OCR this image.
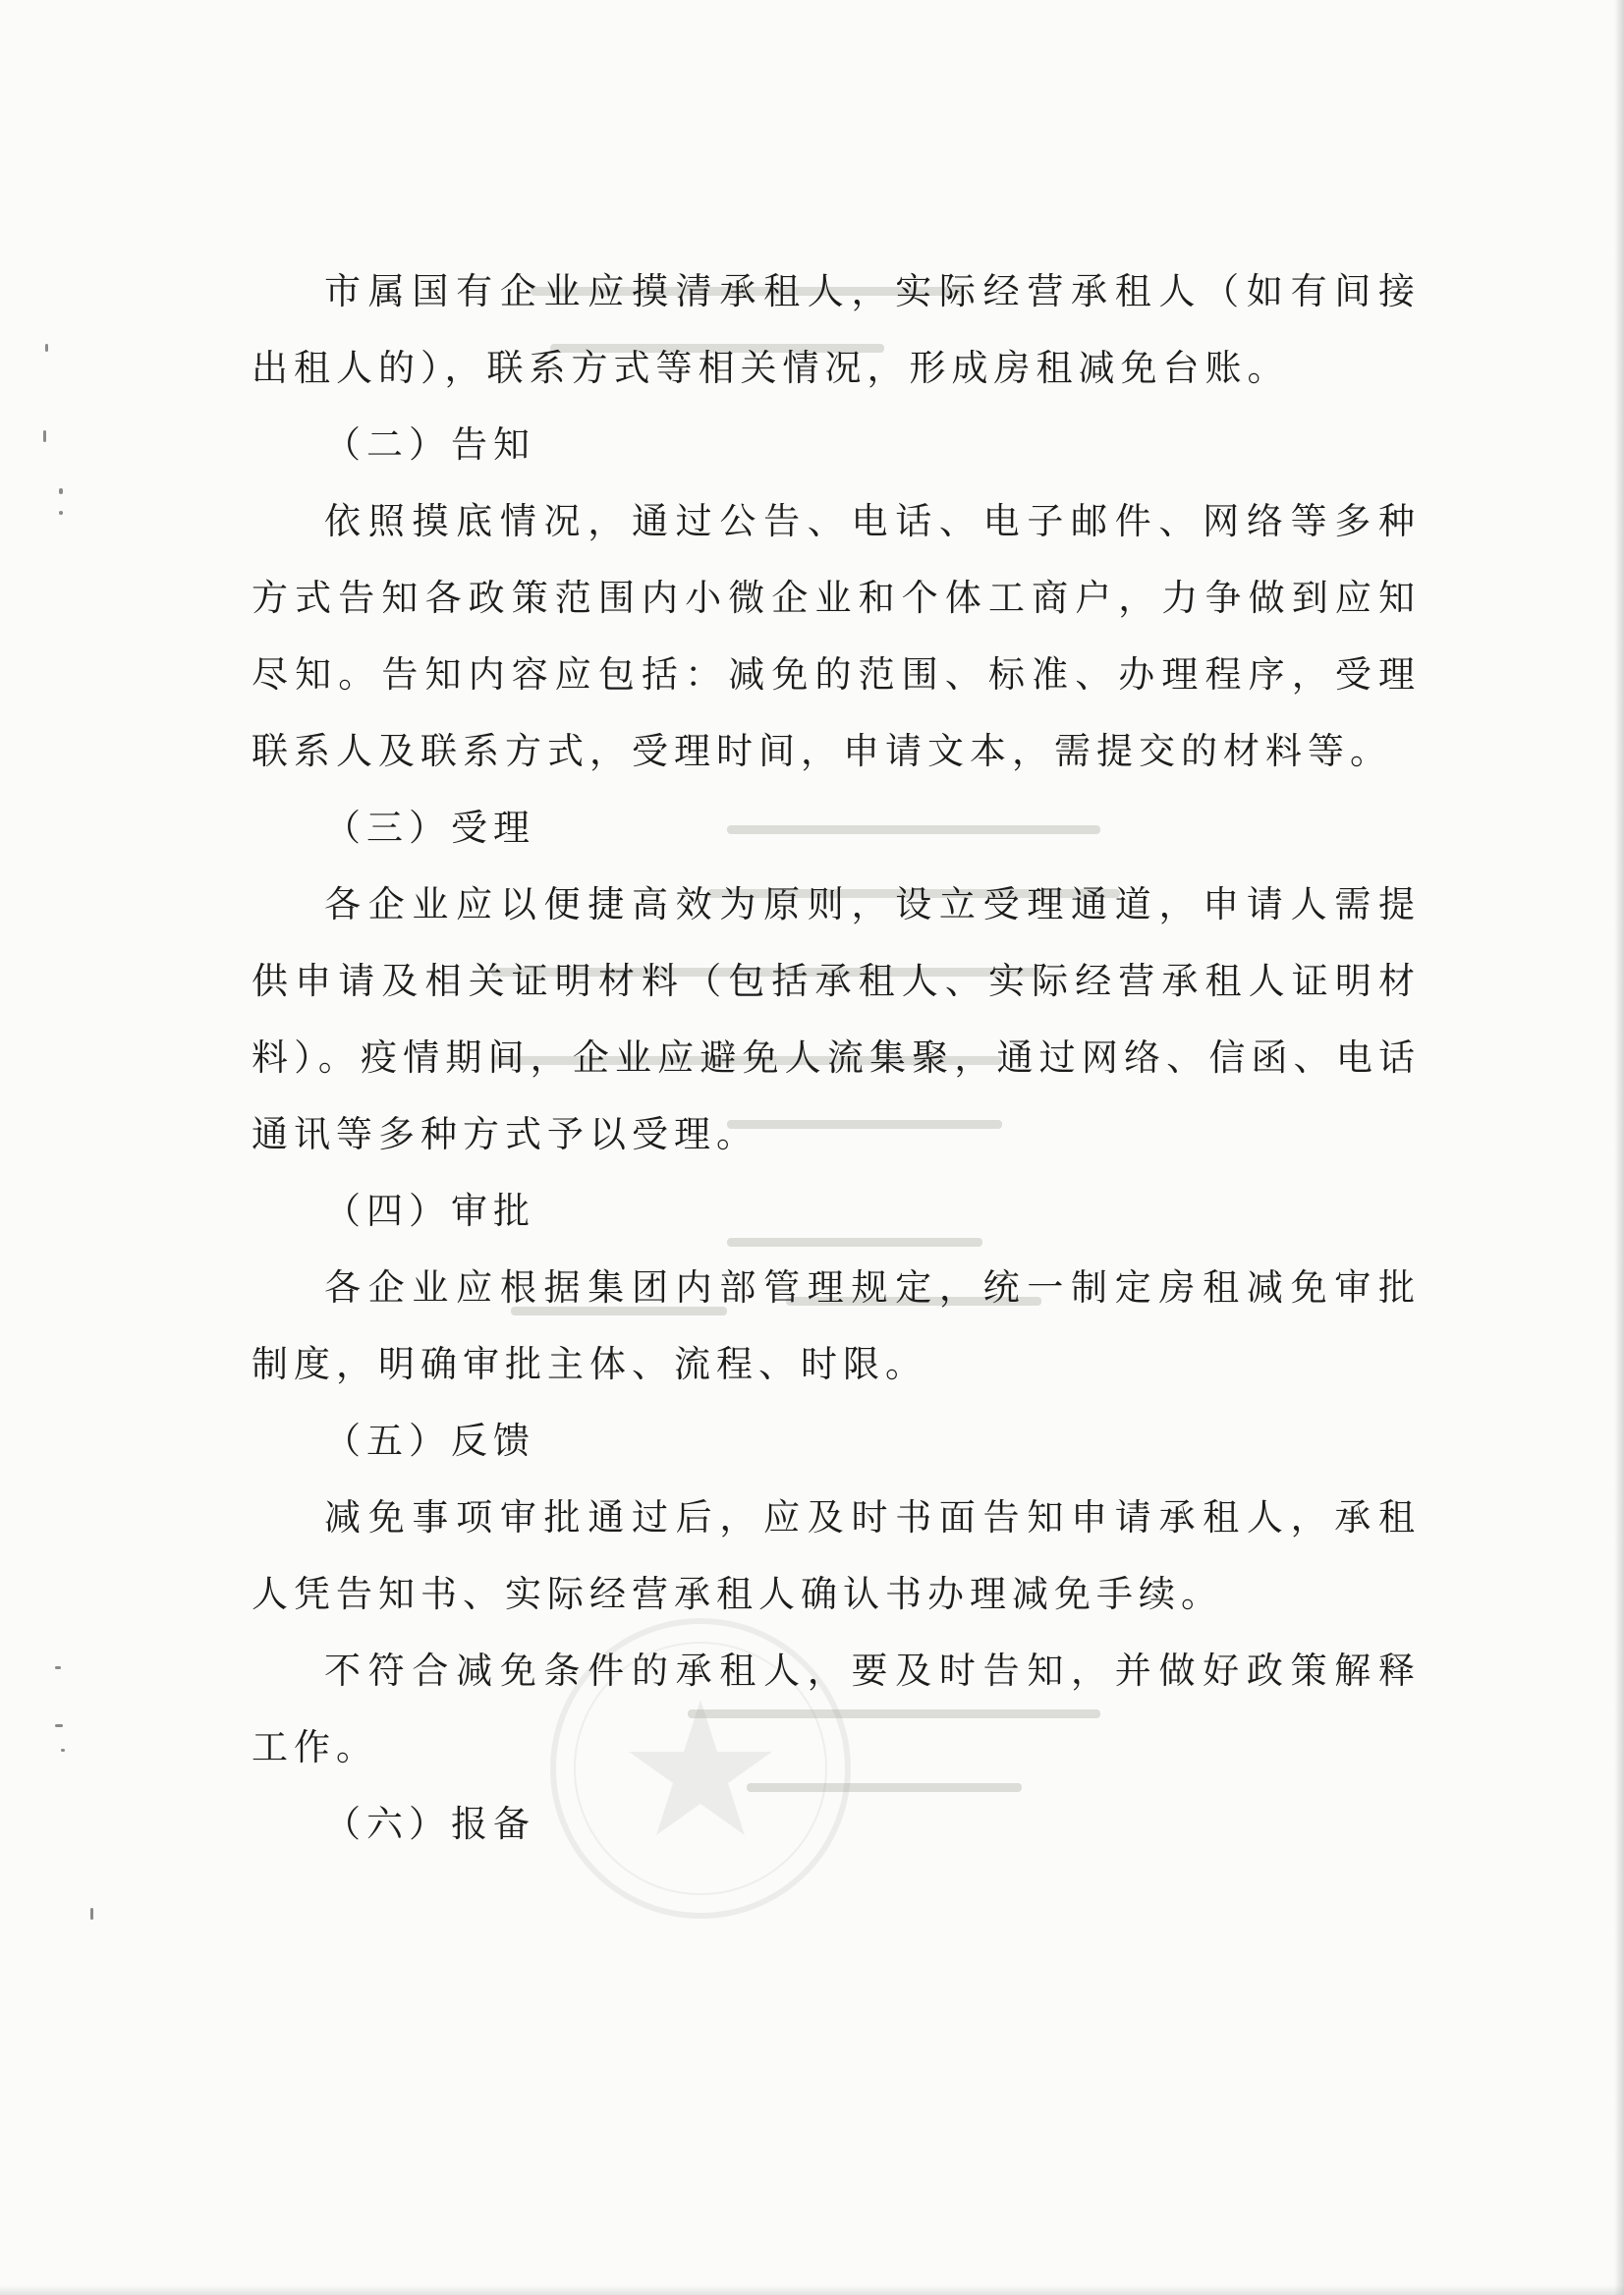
市属国有企业应摸清承租人，实际经营承租人（如有间接出租人的），联系方式等相关情况，形成房租减免台账。

（二）告知

依照摸底情况，通过公告、电话、电子邮件、网络等多种方式告知各政策范围内小微企业和个体工商户，力争做到应知尽知。告知内容应包括：减免的范围、标准、办理程序，受理联系人及联系方式，受理时间，申请文本，需提交的材料等。

（三）受理

各企业应以便捷高效为原则，设立受理通道，申请人需提供申请及相关证明材料（包括承租人、实际经营承租人证明材料）。疫情期间，企业应避免人流集聚，通过网络、信函、电话通讯等多种方式予以受理。

（四）审批

各企业应根据集团内部管理规定，统一制定房租减免审批制度，明确审批主体、流程、时限。

（五）反馈

减免事项审批通过后，应及时书面告知申请承租人，承租人凭告知书、实际经营承租人确认书办理减免手续。

不符合减免条件的承租人，要及时告知，并做好政策解释工作。

（六）报备
